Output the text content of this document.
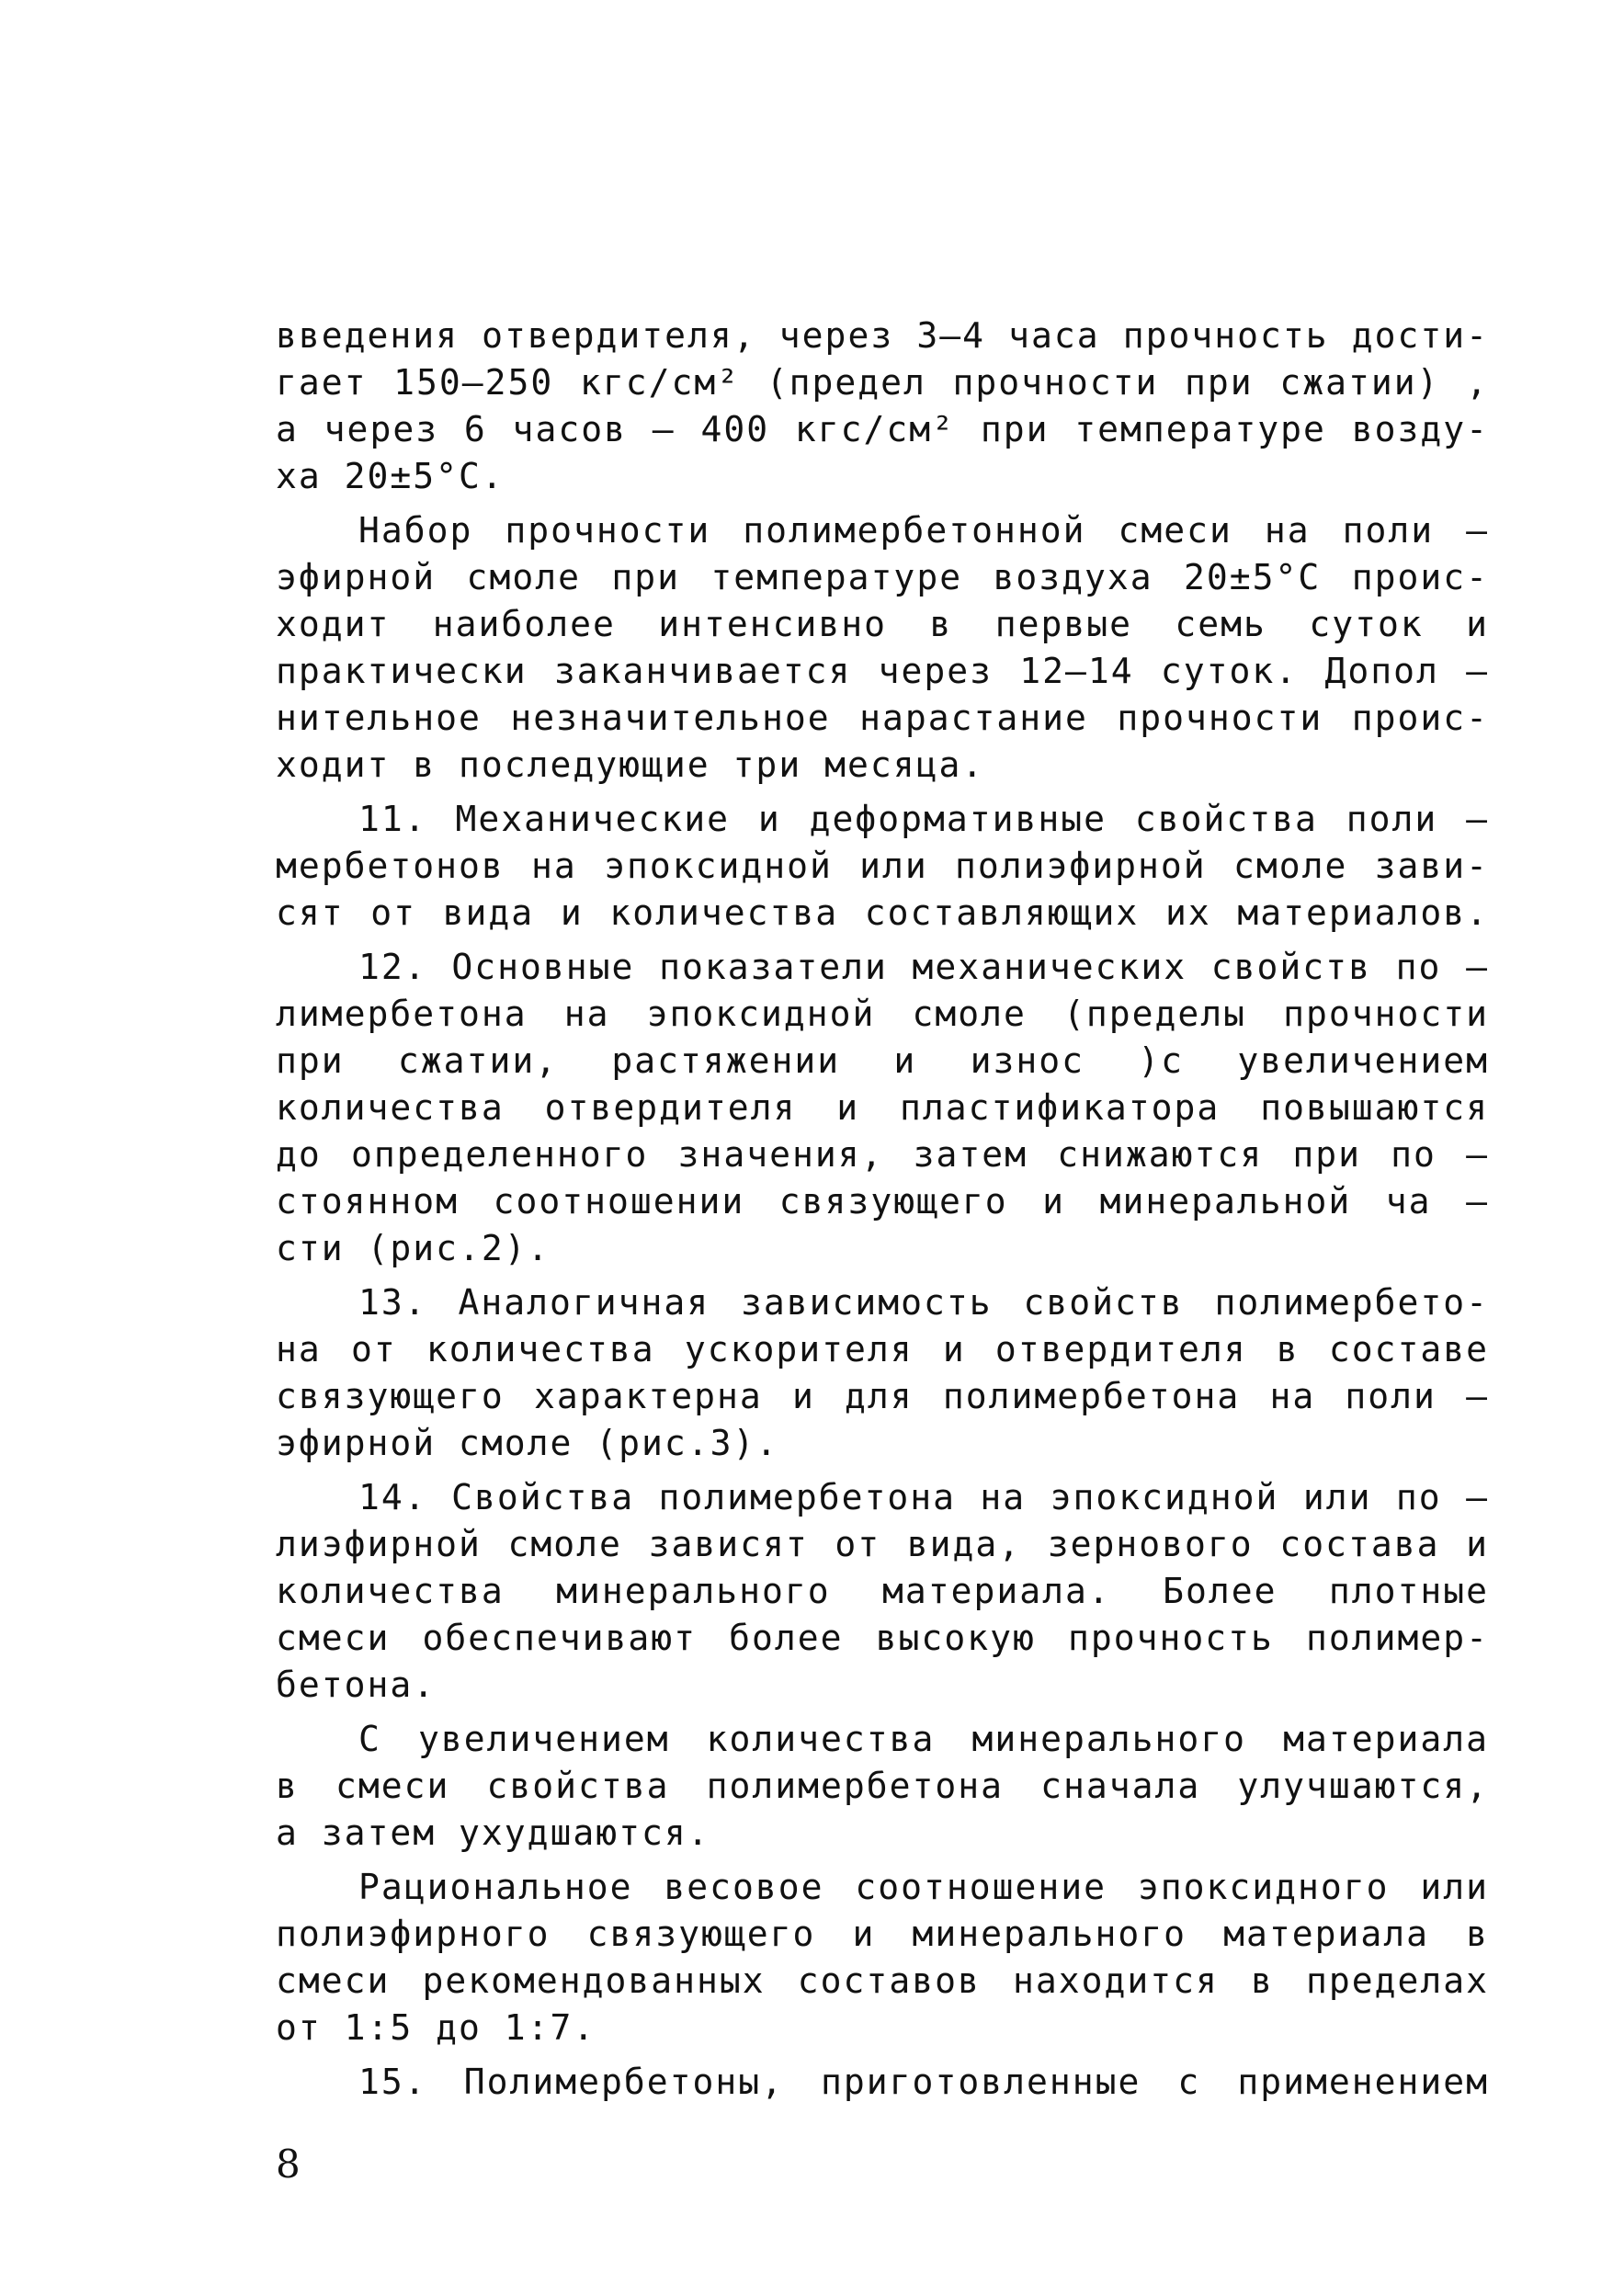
введения отвердителя, через 3–4 часа прочность дости-
гает 150–250 кгс/см² (предел прочности при сжатии) ,
а через 6 часов – 400 кгс/см² при температуре возду-
ха 20±5°С.
Набор прочности полимербетонной смеси на поли –
эфирной смоле при температуре воздуха 20±5°С проис-
ходит наиболее интенсивно в первые семь суток и
практически заканчивается через 12–14 суток. Допол –
нительное незначительное нарастание прочности проис-
ходит в последующие три месяца.
11. Механические и деформативные свойства поли –
мербетонов на эпоксидной или полиэфирной смоле зави-
сят от вида и количества составляющих их материалов.
12. Основные показатели механических свойств по –
лимербетона на эпоксидной смоле (пределы прочности
при сжатии, растяжении и износ )с увеличением
количества отвердителя и пластификатора повышаются
до определенного значения, затем снижаются при по –
стоянном соотношении связующего и минеральной ча –
сти (рис.2).
13. Аналогичная зависимость свойств полимербето-
на от количества ускорителя и отвердителя в составе
связующего характерна и для полимербетона на поли –
эфирной смоле (рис.3).
14. Свойства полимербетона на эпоксидной или по –
лиэфирной смоле зависят от вида, зернового состава и
количества минерального материала. Более плотные
смеси обеспечивают более высокую прочность полимер-
бетона.
С увеличением количества минерального материала
в смеси свойства полимербетона сначала улучшаются,
а затем ухудшаются.
Рациональное весовое соотношение эпоксидного или
полиэфирного связующего и минерального материала в
смеси рекомендованных составов находится в пределах
от 1:5 до 1:7.
15. Полимербетоны, приготовленные с применением
8
